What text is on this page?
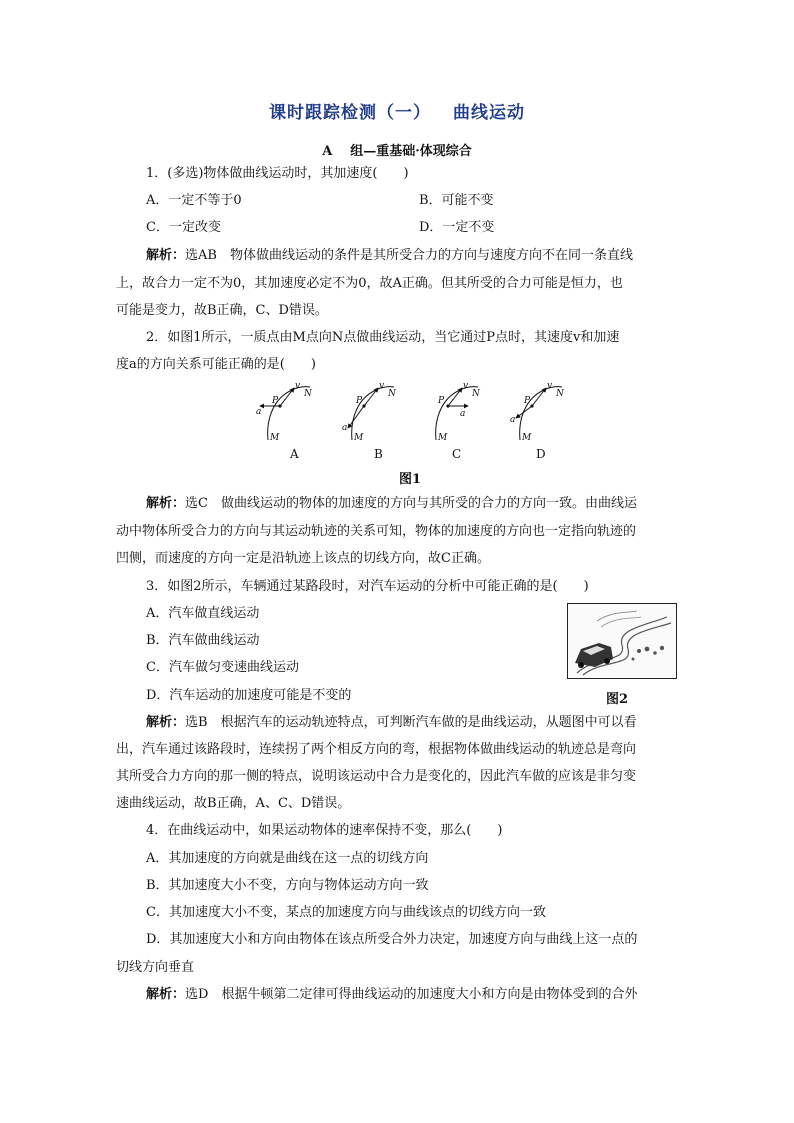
课时跟踪检测（一） 曲线运动
A 组—重基础·体现综合
1．(多选)物体做曲线运动时，其加速度(　　)
A．一定不等于0	B．可能不变
C．一定改变	D．一定不变
解析：选AB　物体做曲线运动的条件是其所受合力的方向与速度方向不在同一条直线
上，故合力一定不为0，其加速度必定不为0，故A正确。但其所受的合力可能是恒力，也
可能是变力，故B正确，C、D错误。
2．如图1所示，一质点由M点向N点做曲线运动，当它通过P点时，其速度v和加速
度a的方向关系可能正确的是(　　)
P
v
N
a
M
P
v
N
a
M
P
v
N
a
M
P
v
N
a
M
A	B	C	D
图1
解析：选C　做曲线运动的物体的加速度的方向与其所受的合力的方向一致。由曲线运
动中物体所受合力的方向与其运动轨迹的关系可知，物体的加速度的方向也一定指向轨迹的
凹侧，而速度的方向一定是沿轨迹上该点的切线方向，故C正确。
3．如图2所示，车辆通过某路段时，对汽车运动的分析中可能正确的是(　　)
A．汽车做直线运动
B．汽车做曲线运动
C．汽车做匀变速曲线运动
D．汽车运动的加速度可能是不变的	图2
解析：选B　根据汽车的运动轨迹特点，可判断汽车做的是曲线运动，从题图中可以看
出，汽车通过该路段时，连续拐了两个相反方向的弯，根据物体做曲线运动的轨迹总是弯向
其所受合力方向的那一侧的特点，说明该运动中合力是变化的，因此汽车做的应该是非匀变
速曲线运动，故B正确，A、C、D错误。
4．在曲线运动中，如果运动物体的速率保持不变，那么(　　)
A．其加速度的方向就是曲线在这一点的切线方向
B．其加速度大小不变，方向与物体运动方向一致
C．其加速度大小不变，某点的加速度方向与曲线该点的切线方向一致
D．其加速度大小和方向由物体在该点所受合外力决定，加速度方向与曲线上这一点的
切线方向垂直
解析：选D　根据牛顿第二定律可得曲线运动的加速度大小和方向是由物体受到的合外
